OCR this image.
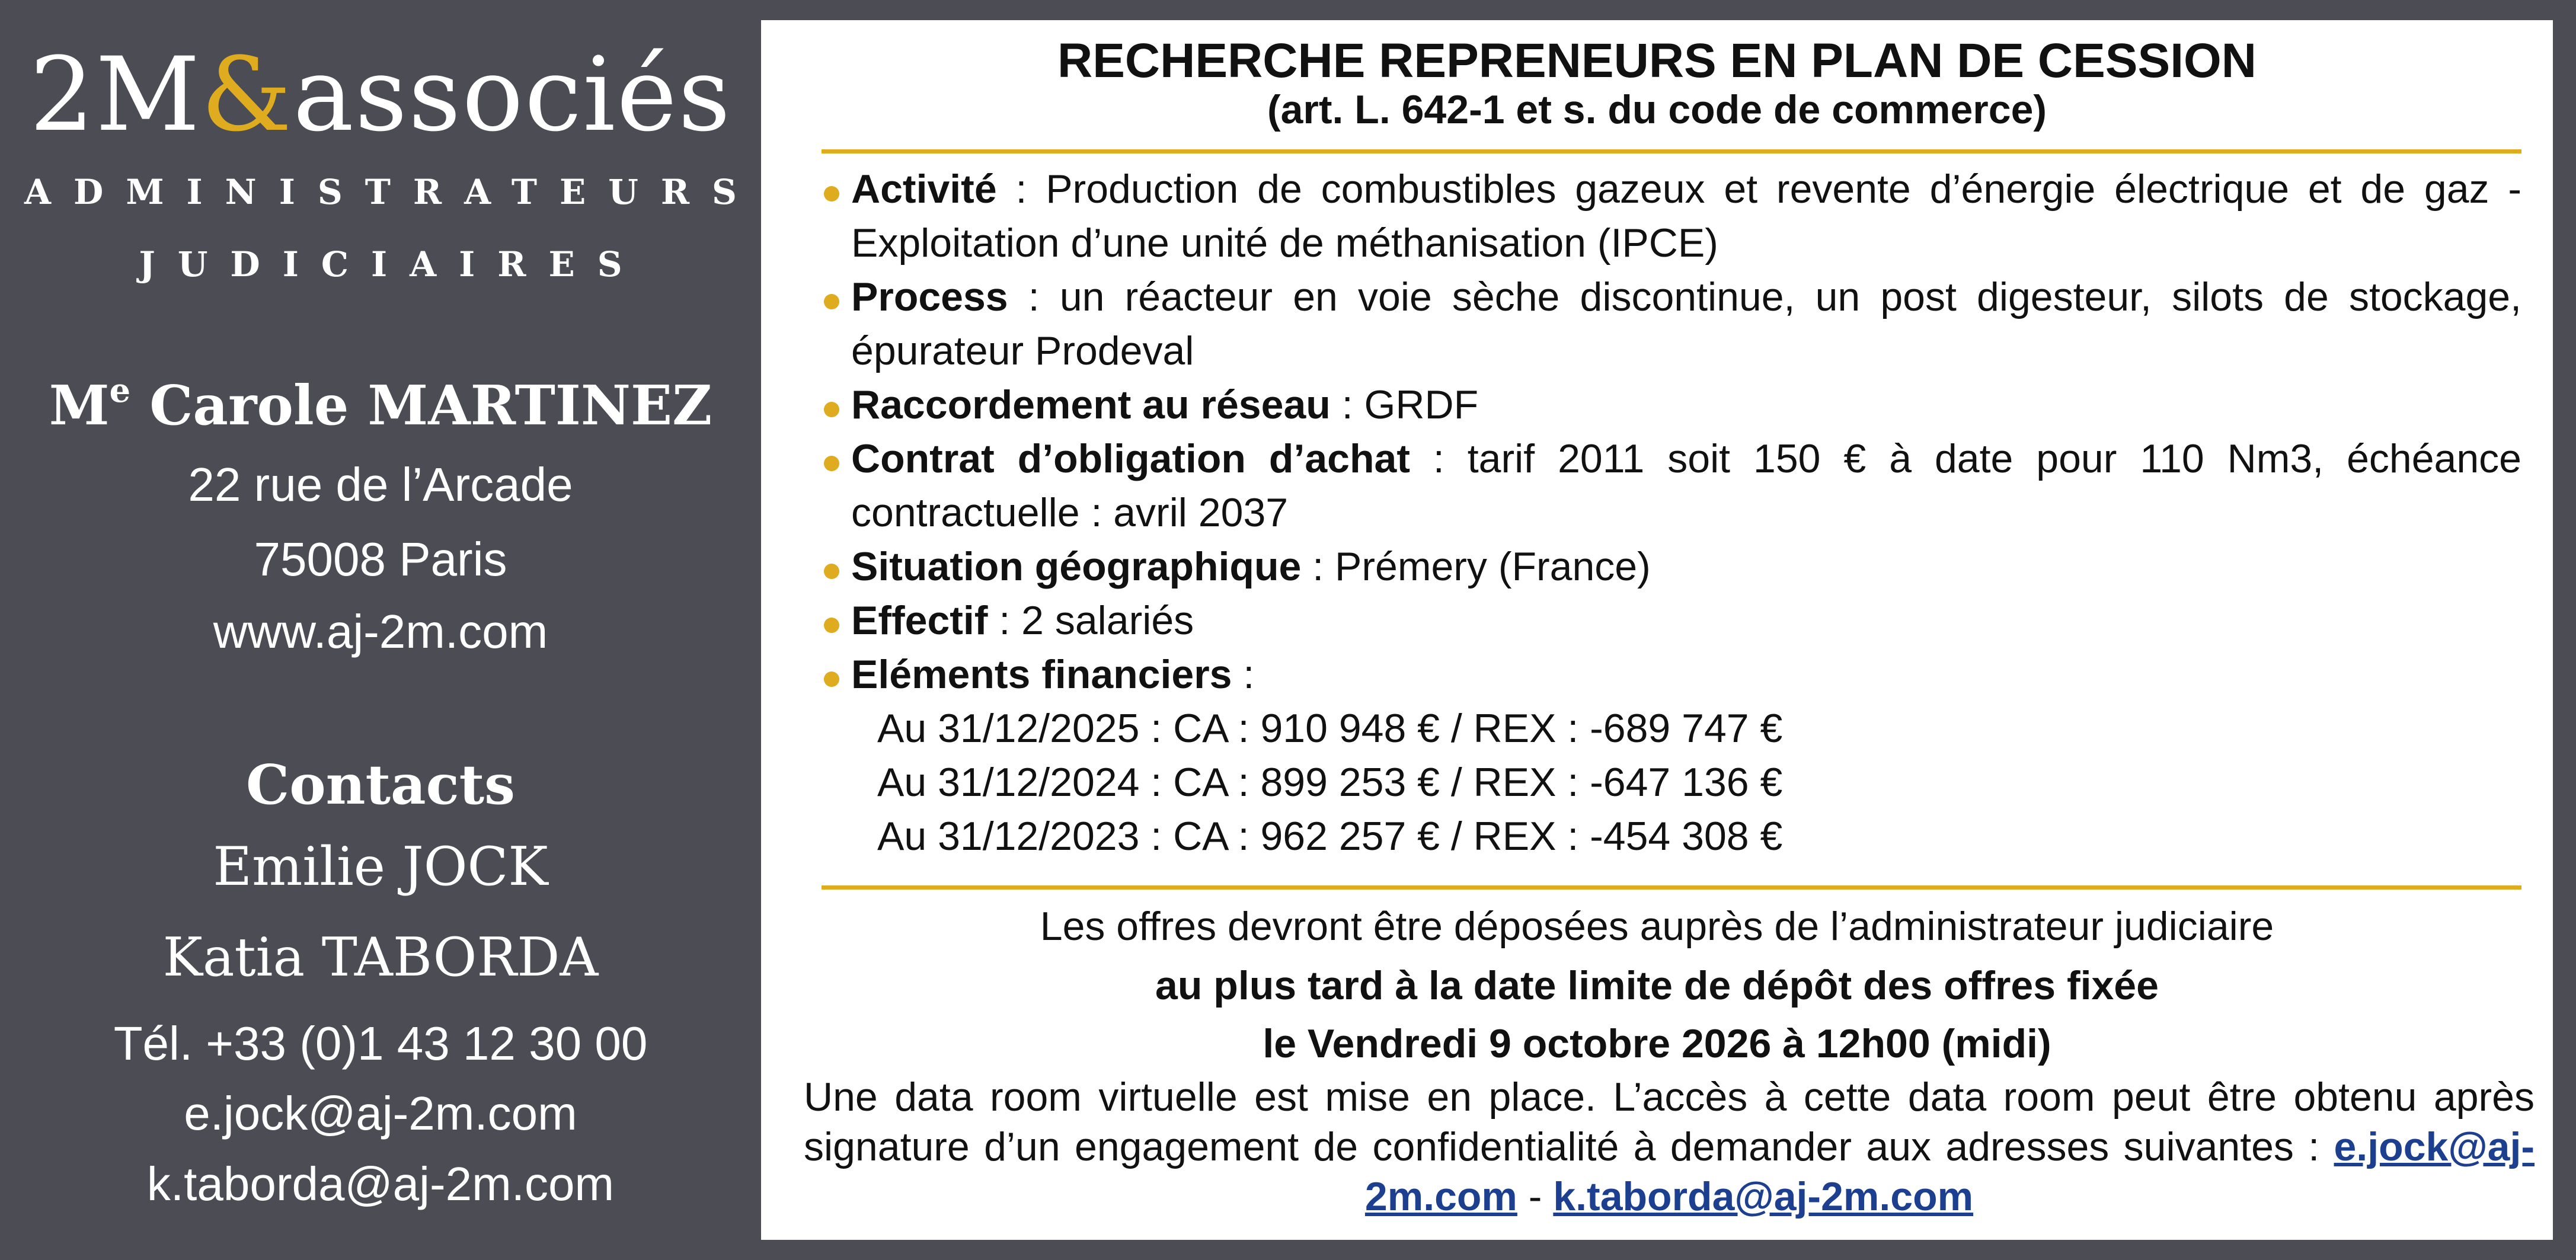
2M&associés
ADMINISTRATEURS
JUDICIAIRES
Me Carole MARTINEZ
22 rue de l’Arcade
75008 Paris
www.aj-2m.com
Contacts
Emilie JOCK
Katia TABORDA
Tél. +33 (0)1 43 12 30 00
e.jock@aj-2m.com
k.taborda@aj-2m.com
RECHERCHE REPRENEURS EN PLAN DE CESSION
(art. L. 642-1 et s. du code de commerce)
Activité : Production de combustibles gazeux et revente d’énergie électrique et de gaz - Exploitation d’une unité de méthanisation (IPCE)
Process : un réacteur en voie sèche discontinue, un post digesteur, silots de stockage, épurateur Prodeval
Raccordement au réseau : GRDF
Contrat d’obligation d’achat : tarif 2011 soit 150 € à date pour 110 Nm3, échéance contractuelle : avril 2037
Situation géographique : Prémery (France)
Effectif : 2 salariés
Eléments financiers :
Au 31/12/2025 : CA : 910 948 € / REX : -689 747 €
Au 31/12/2024 : CA : 899 253 € / REX : -647 136 €
Au 31/12/2023 : CA : 962 257 € / REX : -454 308 €
Les offres devront être déposées auprès de l’administrateur judiciaire
au plus tard à la date limite de dépôt des offres fixée
le Vendredi 9 octobre 2026 à 12h00 (midi)
Une data room virtuelle est mise en place. L’accès à cette data room peut être obtenu après signature d’un engagement de confidentialité à demander aux adresses suivantes : e.jock@aj-2m.com - k.taborda@aj-2m.com
